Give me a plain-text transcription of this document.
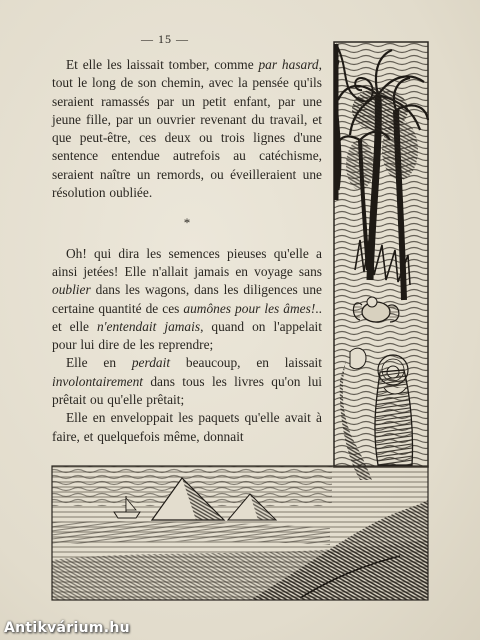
— 15 —

Et elle les laissait tomber, comme par hasard, tout le long de son chemin, avec la pensée qu'ils seraient ramassés par un petit enfant, par une jeune fille, par un ouvrier revenant du travail, et que peut-être, ces deux ou trois lignes d'une sentence entendue autrefois au catéchisme, seraient naître un remords, ou éveilleraient une résolution oubliée.

*

Oh! qui dira les semences pieuses qu'elle a ainsi jetées! Elle n'allait jamais en voyage sans oublier dans les wagons, dans les diligences une certaine quantité de ces aumônes pour les âmes!.. et elle n'entendait jamais, quand on l'appelait pour lui dire de les reprendre;

Elle en perdait beaucoup, en laissait involontairement dans tous les livres qu'on lui prêtait ou qu'elle prêtait;

Elle en enveloppait les paquets qu'elle avait à faire, et quelquefois même, donnait

Antikvárium.hu
